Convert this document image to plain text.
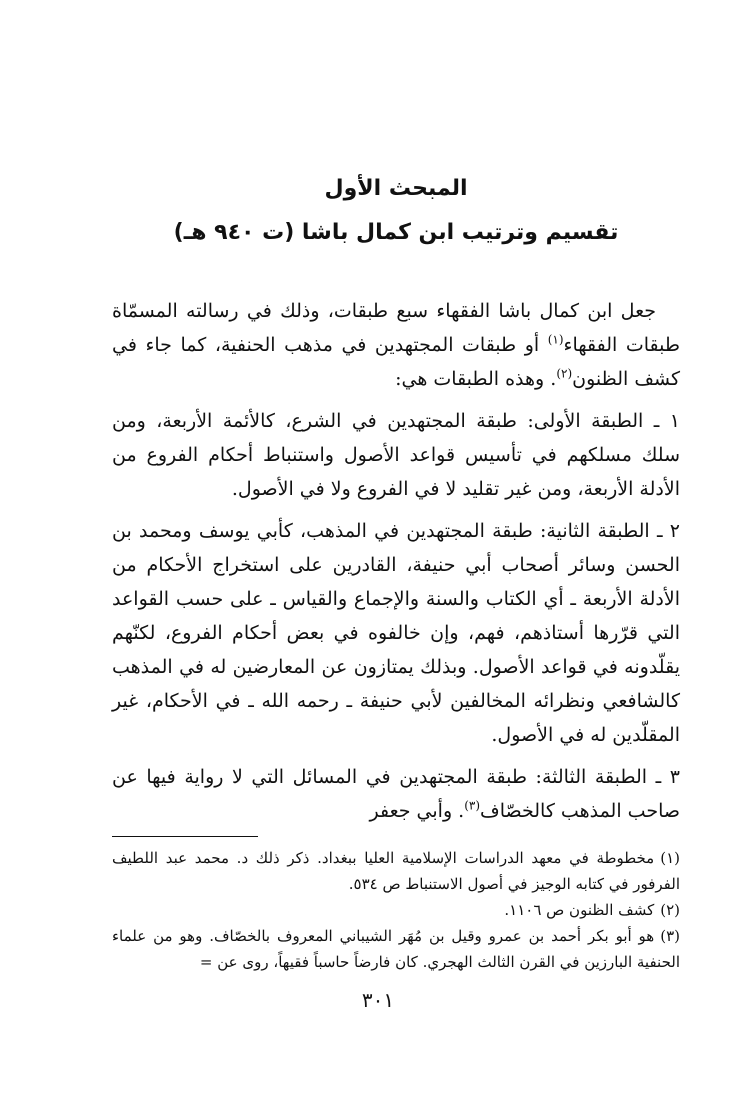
المبحث الأول
تقسيم وترتيب ابن كمال باشا (ت ٩٤٠ هـ)

جعل ابن كمال باشا الفقهاء سبع طبقات، وذلك في رسالته المسمّاة طبقات الفقهاء$^{(١)}$ أو طبقات المجتهدين في مذهب الحنفية، كما جاء في كشف الظنون$^{(٢)}$. وهذه الطبقات هي:

١ ـ الطبقة الأولى: طبقة المجتهدين في الشرع، كالأئمة الأربعة، ومن سلك مسلكهم في تأسيس قواعد الأصول واستنباط أحكام الفروع من الأدلة الأربعة، ومن غير تقليد لا في الفروع ولا في الأصول.

٢ ـ الطبقة الثانية: طبقة المجتهدين في المذهب، كأبي يوسف ومحمد بن الحسن وسائر أصحاب أبي حنيفة، القادرين على استخراج الأحكام من الأدلة الأربعة ـ أي الكتاب والسنة والإجماع والقياس ـ على حسب القواعد التي قرّرها أستاذهم، فهم، وإن خالفوه في بعض أحكام الفروع، لكنّهم يقلّدونه في قواعد الأصول. وبذلك يمتازون عن المعارضين له في المذهب كالشافعي ونظرائه المخالفين لأبي حنيفة ـ رحمه الله ـ في الأحكام، غير المقلّدين له في الأصول.

٣ ـ الطبقة الثالثة: طبقة المجتهدين في المسائل التي لا رواية فيها عن صاحب المذهب كالخصّاف$^{(٣)}$. وأبي جعفر

(١)مخطوطة في معهد الدراسات الإسلامية العليا ببغداد. ذكر ذلك د. محمد عبد اللطيف الفرفور في كتابه الوجيز في أصول الاستنباط ص ٥٣٤.

(٢)كشف الظنون ص ١١٠٦.

(٣)هو أبو بكر أحمد بن عمرو وقيل بن مُهَر الشيباني المعروف بالخصّاف. وهو من علماء الحنفية البارزين في القرن الثالث الهجري. كان فارضاً حاسباً فقيهاً، روى عن =

٣٠١
